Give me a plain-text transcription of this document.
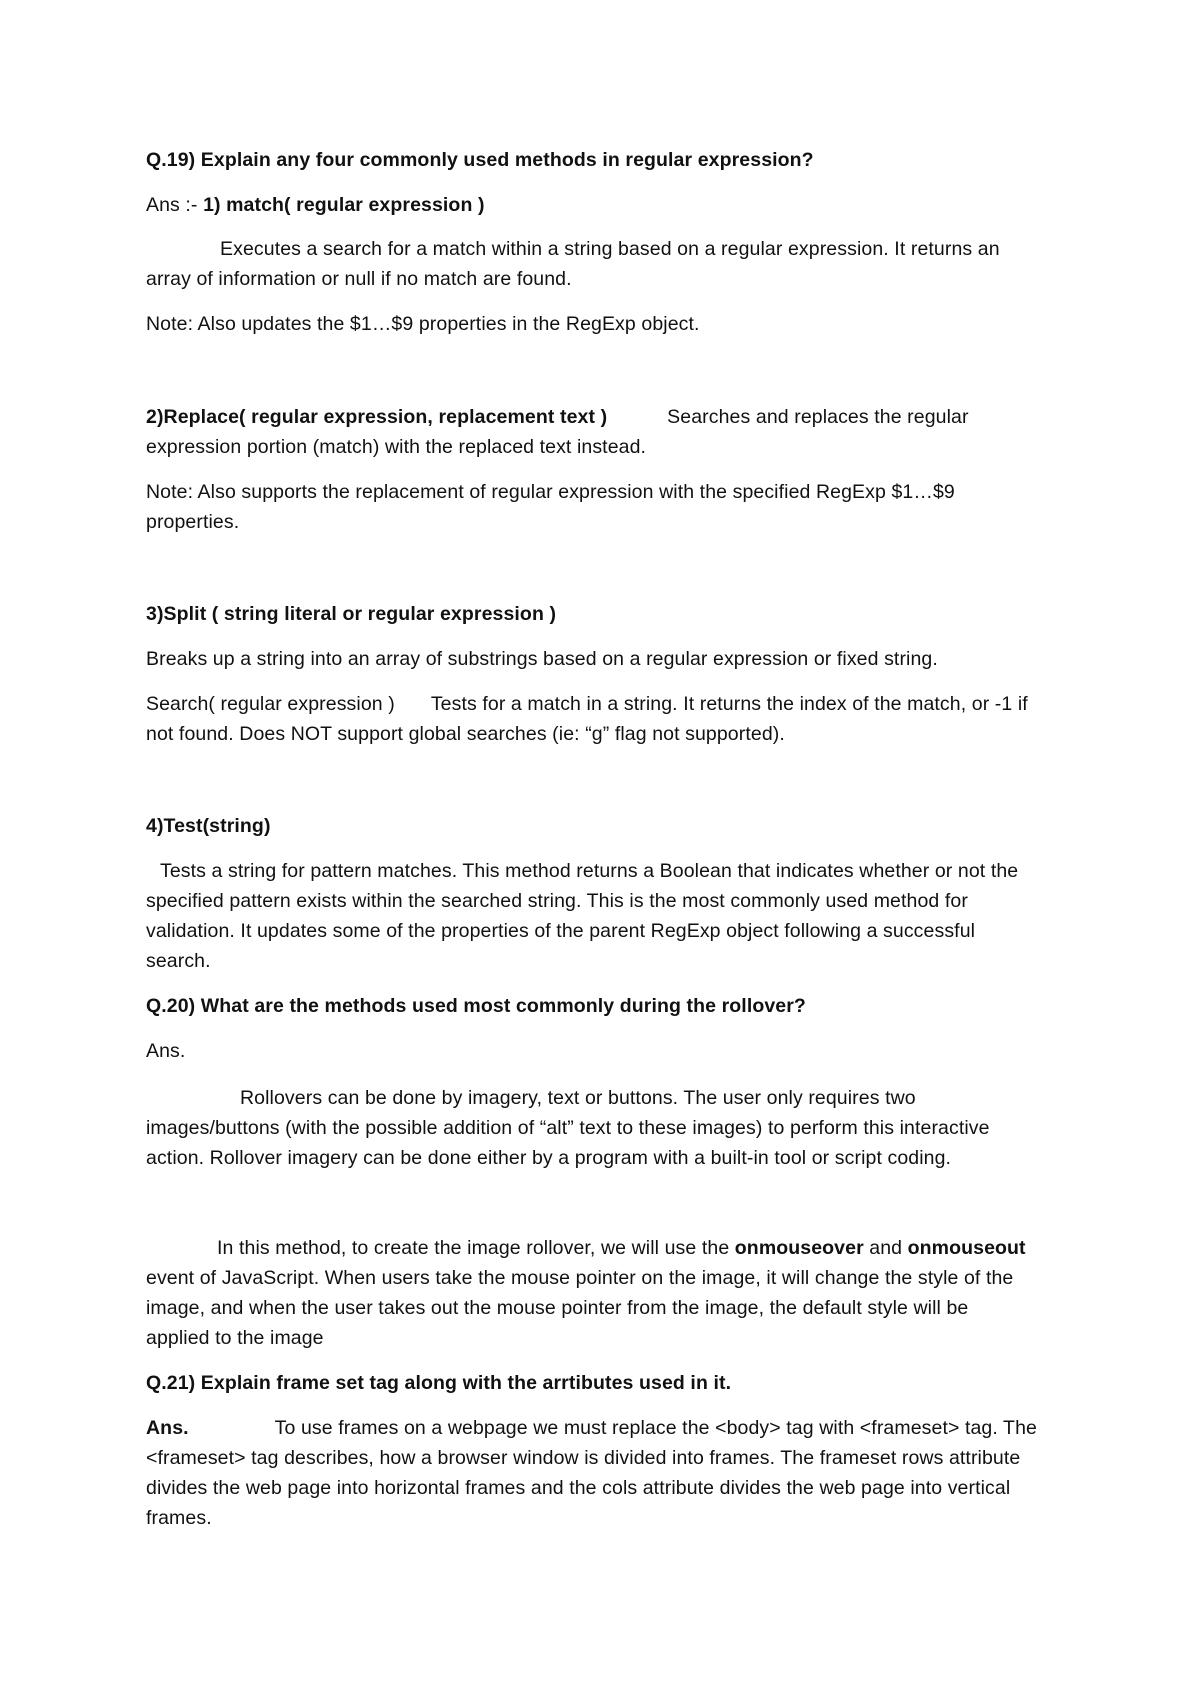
Q.19) Explain any four commonly used methods in regular expression?

Ans :- 1) match( regular expression )

Executes a search for a match within a string based on a regular expression. It returns an

array of information or null if no match are found.

Note: Also updates the $1…$9 properties in the RegExp object.

2)Replace( regular expression, replacement text )	Searches and replaces the regular

expression portion (match) with the replaced text instead.

Note: Also supports the replacement of regular expression with the specified RegExp $1…$9

properties.

3)Split ( string literal or regular expression )

Breaks up a string into an array of substrings based on a regular expression or fixed string.

Search( regular expression ) Tests for a match in a string. It returns the index of the match, or -1 if

not found. Does NOT support global searches (ie: “g” flag not supported).

4)Test(string)

Tests a string for pattern matches. This method returns a Boolean that indicates whether or not the

specified pattern exists within the searched string. This is the most commonly used method for

validation. It updates some of the properties of the parent RegExp object following a successful

search.

Q.20) What are the methods used most commonly during the rollover?

Ans.

Rollovers can be done by imagery, text or buttons. The user only requires two

images/buttons (with the possible addition of “alt” text to these images) to perform this interactive

action. Rollover imagery can be done either by a program with a built-in tool or script coding.

In this method, to create the image rollover, we will use the onmouseover and onmouseout

event of JavaScript. When users take the mouse pointer on the image, it will change the style of the

image, and when the user takes out the mouse pointer from the image, the default style will be

applied to the image

Q.21) Explain frame set tag along with the arrtibutes used in it.

Ans.	To use frames on a webpage we must replace the <body> tag with <frameset> tag. The

<frameset> tag describes, how a browser window is divided into frames. The frameset rows attribute

divides the web page into horizontal frames and the cols attribute divides the web page into vertical

frames.
